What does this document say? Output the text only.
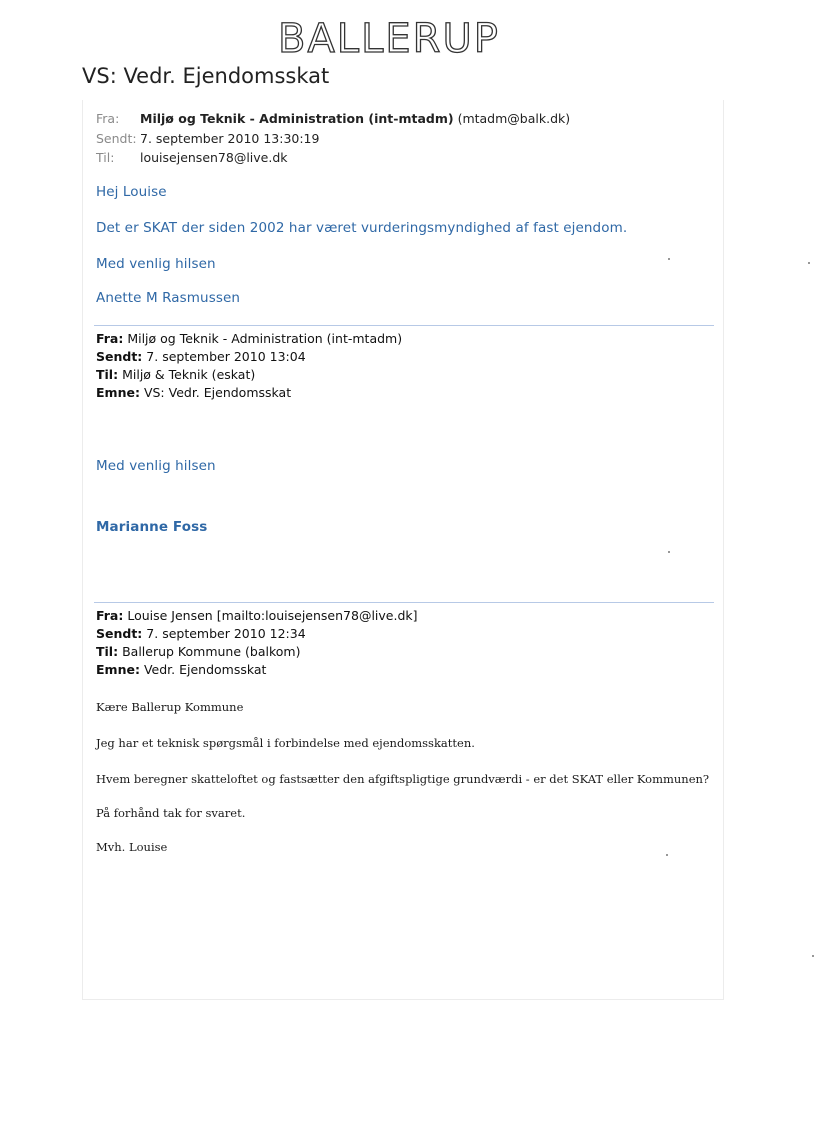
BALLERUP
VS: Vedr. Ejendomsskat
Fra: Miljø og Teknik - Administration (int-mtadm) (mtadm@balk.dk)
Sendt: 7. september 2010 13:30:19
Til: louisejensen78@live.dk
Hej Louise
Det er SKAT der siden 2002 har været vurderingsmyndighed af fast ejendom.
Med venlig hilsen
Anette M Rasmussen
Fra: Miljø og Teknik - Administration (int-mtadm)
Sendt: 7. september 2010 13:04
Til: Miljø & Teknik (eskat)
Emne: VS: Vedr. Ejendomsskat
Med venlig hilsen
Marianne Foss
Fra: Louise Jensen [mailto:louisejensen78@live.dk]
Sendt: 7. september 2010 12:34
Til: Ballerup Kommune (balkom)
Emne: Vedr. Ejendomsskat
Kære Ballerup Kommune
Jeg har et teknisk spørgsmål i forbindelse med ejendomsskatten.
Hvem beregner skatteloftet og fastsætter den afgiftspligtige grundværdi - er det SKAT eller Kommunen?
På forhånd tak for svaret.
Mvh. Louise
